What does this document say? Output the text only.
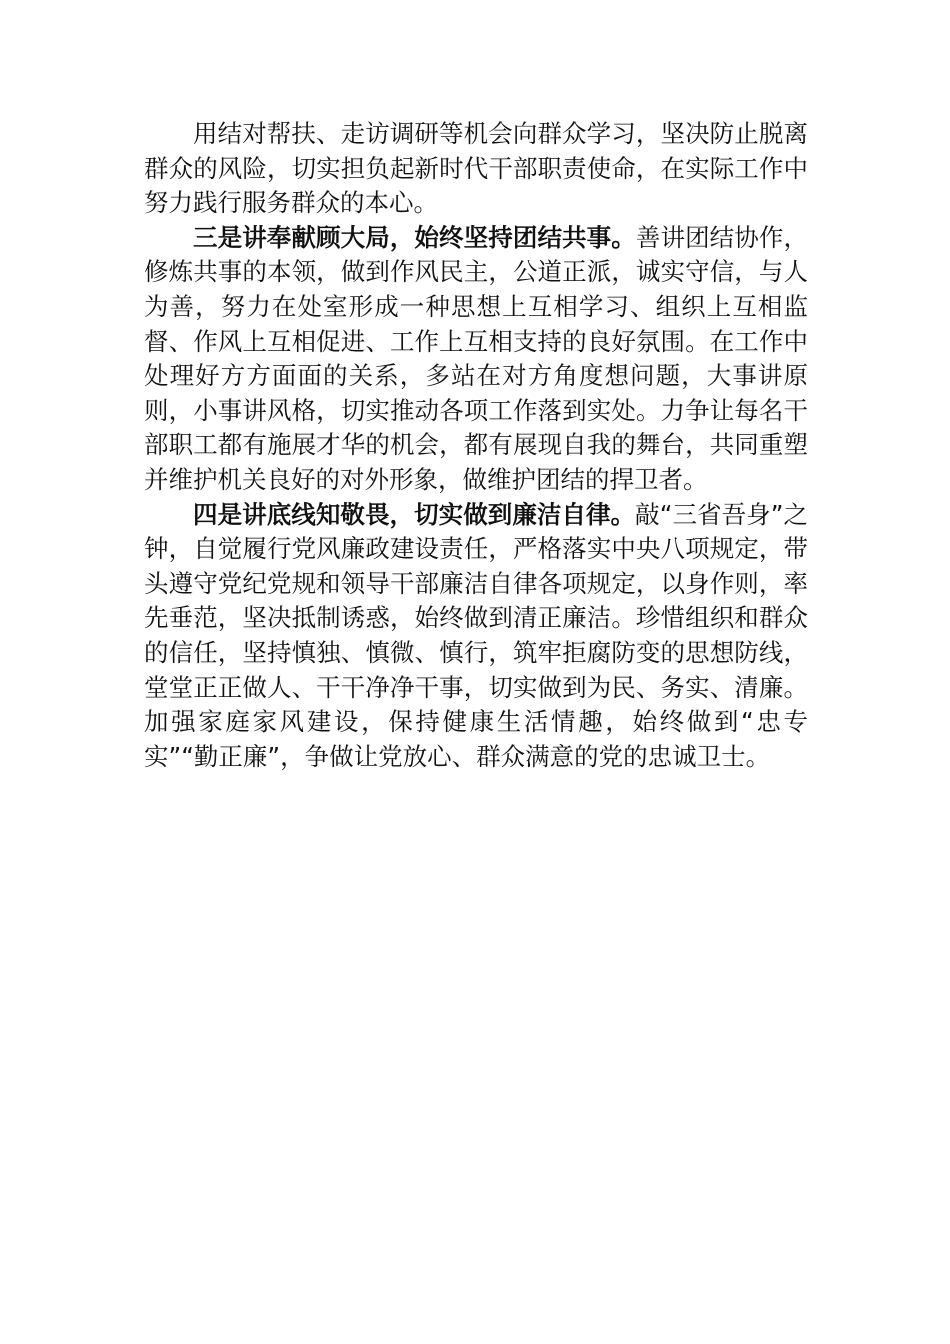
用结对帮扶、走访调研等机会向群众学习，坚决防止脱离群众的风险，切实担负起新时代干部职责使命，在实际工作中努力践行服务群众的本心。

三是讲奉献顾大局，始终坚持团结共事。善讲团结协作，修炼共事的本领，做到作风民主，公道正派，诚实守信，与人为善，努力在处室形成一种思想上互相学习、组织上互相监督、作风上互相促进、工作上互相支持的良好氛围。在工作中处理好方方面面的关系，多站在对方角度想问题，大事讲原则，小事讲风格，切实推动各项工作落到实处。力争让每名干部职工都有施展才华的机会，都有展现自我的舞台，共同重塑并维护机关良好的对外形象，做维护团结的捍卫者。

四是讲底线知敬畏，切实做到廉洁自律。敲“三省吾身”之钟，自觉履行党风廉政建设责任，严格落实中央八项规定，带头遵守党纪党规和领导干部廉洁自律各项规定，以身作则，率先垂范，坚决抵制诱惑，始终做到清正廉洁。珍惜组织和群众的信任，坚持慎独、慎微、慎行，筑牢拒腐防变的思想防线，堂堂正正做人、干干净净干事，切实做到为民、务实、清廉。加强家庭家风建设，保持健康生活情趣，始终做到“忠专实”“勤正廉”，争做让党放心、群众满意的党的忠诚卫士。
